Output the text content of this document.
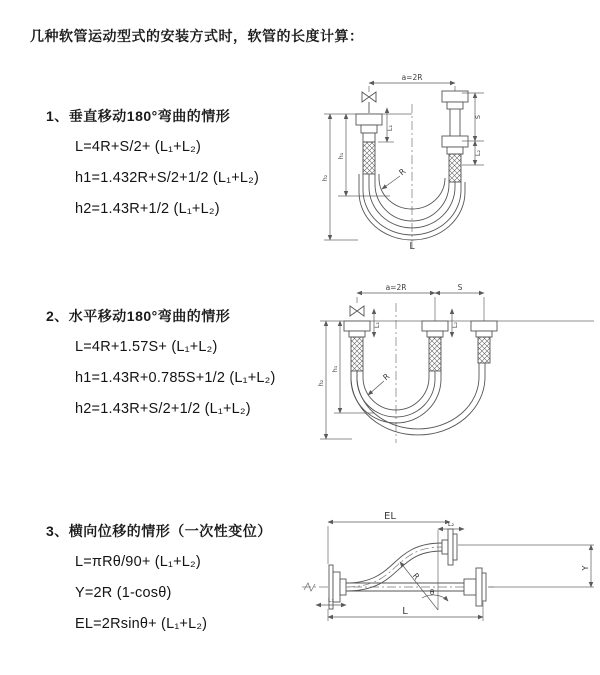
几种软管运动型式的安装方式时，软管的长度计算：
1、垂直移动180°弯曲的情形
L=4R+S/2+ (L₁+L₂)
h1=1.432R+S/2+1/2 (L₁+L₂)
h2=1.43R+1/2 (L₁+L₂)
2、水平移动180°弯曲的情形
L=4R+1.57S+ (L₁+L₂)
h1=1.43R+0.785S+1/2 (L₁+L₂)
h2=1.43R+S/2+1/2 (L₁+L₂)
3、横向位移的情形（一次性变位）
L=πRθ/90+ (L₁+L₂)
Y=2R (1-cosθ)
EL=2Rsinθ+ (L₁+L₂)
a=2R
L₁
S
L₂
h₁
h₂
R
L
a=2R	S
L₁	L₂
h₁
h₂
R
EL
L₂
Y
R
θ
L₁
L
